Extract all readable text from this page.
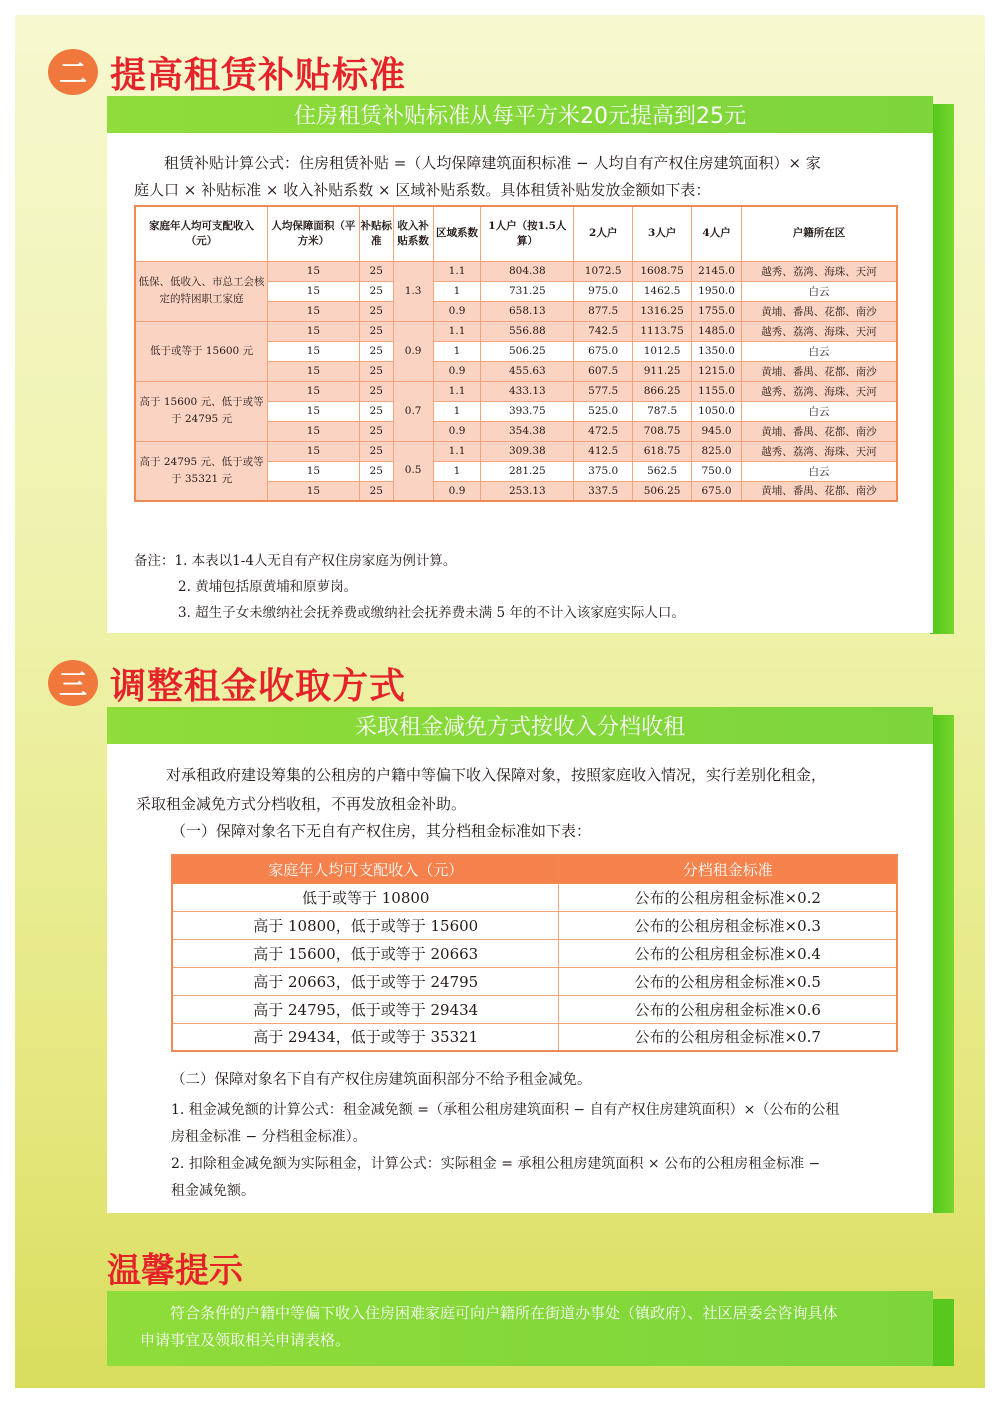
二 提高租赁补贴标准
住房租赁补贴标准从每平方米20元提高到25元
租赁补贴计算公式：住房租赁补贴 =（人均保障建筑面积标准 − 人均自有产权住房建筑面积）× 家
庭人口 × 补贴标准 × 收入补贴系数 × 区域补贴系数。具体租赁补贴发放金额如下表：
家庭年人均可支配收入（元）	人均保障面积（平方米）	补贴标准	收入补贴系数	区域系数	1人户（按1.5人算）	2人户	3人户	4人户	户籍所在区
低保、低收入、市总工会核定的特困职工家庭	15	25	1.3	1.1	804.38	1072.5	1608.75	2145.0	越秀、荔湾、海珠、天河
	15	25		1	731.25	975.0	1462.5	1950.0	白云
	15	25		0.9	658.13	877.5	1316.25	1755.0	黄埔、番禺、花都、南沙
低于或等于 15600 元	15	25	0.9	1.1	556.88	742.5	1113.75	1485.0	越秀、荔湾、海珠、天河
	15	25		1	506.25	675.0	1012.5	1350.0	白云
	15	25		0.9	455.63	607.5	911.25	1215.0	黄埔、番禺、花都、南沙
高于 15600 元、低于或等于 24795 元	15	25	0.7	1.1	433.13	577.5	866.25	1155.0	越秀、荔湾、海珠、天河
	15	25		1	393.75	525.0	787.5	1050.0	白云
	15	25		0.9	354.38	472.5	708.75	945.0	黄埔、番禺、花都、南沙
高于 24795 元、低于或等于 35321 元	15	25	0.5	1.1	309.38	412.5	618.75	825.0	越秀、荔湾、海珠、天河
	15	25		1	281.25	375.0	562.5	750.0	白云
	15	25		0.9	253.13	337.5	506.25	675.0	黄埔、番禺、花都、南沙
备注：1. 本表以1-4人无自有产权住房家庭为例计算。
2. 黄埔包括原黄埔和原萝岗。
3. 超生子女未缴纳社会抚养费或缴纳社会抚养费未满 5 年的不计入该家庭实际人口。
三 调整租金收取方式
采取租金减免方式按收入分档收租
对承租政府建设筹集的公租房的户籍中等偏下收入保障对象，按照家庭收入情况，实行差别化租金，
采取租金减免方式分档收租，不再发放租金补助。
（一）保障对象名下无自有产权住房，其分档租金标准如下表：
家庭年人均可支配收入（元）	分档租金标准
低于或等于 10800	公布的公租房租金标准×0.2
高于 10800，低于或等于 15600	公布的公租房租金标准×0.3
高于 15600，低于或等于 20663	公布的公租房租金标准×0.4
高于 20663，低于或等于 24795	公布的公租房租金标准×0.5
高于 24795，低于或等于 29434	公布的公租房租金标准×0.6
高于 29434，低于或等于 35321	公布的公租房租金标准×0.7
（二）保障对象名下自有产权住房建筑面积部分不给予租金减免。
1. 租金减免额的计算公式：租金减免额 =（承租公租房建筑面积 − 自有产权住房建筑面积）×（公布的公租
房租金标准 − 分档租金标准）。
2. 扣除租金减免额为实际租金，计算公式：实际租金 = 承租公租房建筑面积 × 公布的公租房租金标准 −
租金减免额。
温馨提示
符合条件的户籍中等偏下收入住房困难家庭可向户籍所在街道办事处（镇政府）、社区居委会咨询具体
申请事宜及领取相关申请表格。
